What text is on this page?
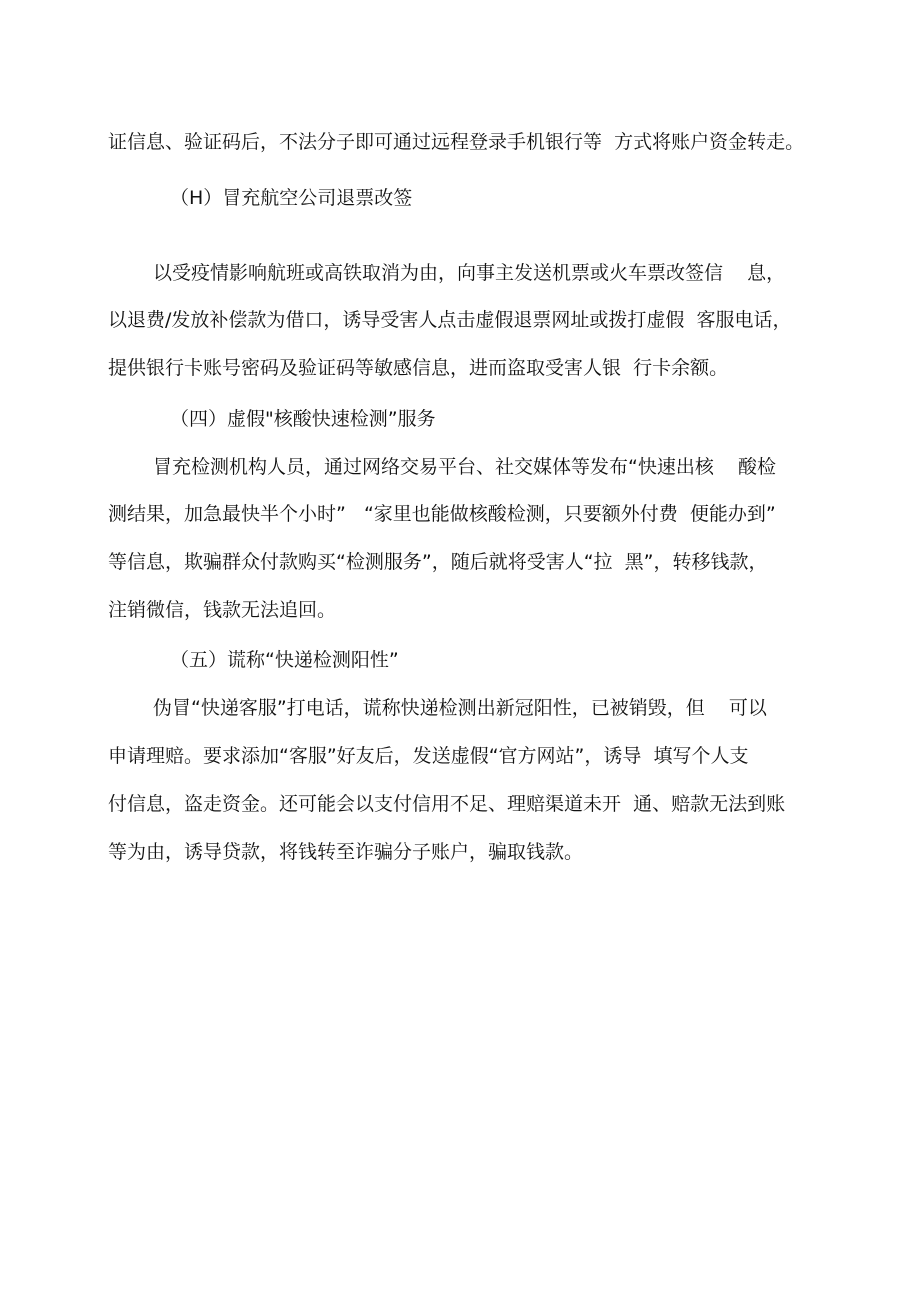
证信息、验证码后，不法分子即可通过远程登录手机银行等  方式将账户资金转走。

（H）冒充航空公司退票改签

以受疫情影响航班或高铁取消为由，向事主发送机票或火车票改签信    息，

以退费/发放补偿款为借口，诱导受害人点击虚假退票网址或拨打虚假  客服电话，

提供银行卡账号密码及验证码等敏感信息，进而盗取受害人银  行卡余额。

（四）虚假"核酸快速检测”服务

冒充检测机构人员，通过网络交易平台、社交媒体等发布“快速出核    酸检

测结果，加急最快半个小时”   “家里也能做核酸检测，只要额外付费  便能办到”

等信息，欺骗群众付款购买“检测服务”，随后就将受害人“拉  黑”，转移钱款，

注销微信，钱款无法追回。

（五）谎称“快递检测阳性”

伪冒“快递客服”打电话，谎称快递检测出新冠阳性，已被销毁，但    可以

申请理赔。要求添加“客服”好友后，发送虚假“官方网站”，诱导  填写个人支

付信息，盗走资金。还可能会以支付信用不足、理赔渠道未开  通、赔款无法到账

等为由，诱导贷款，将钱转至诈骗分子账户，骗取钱款。
